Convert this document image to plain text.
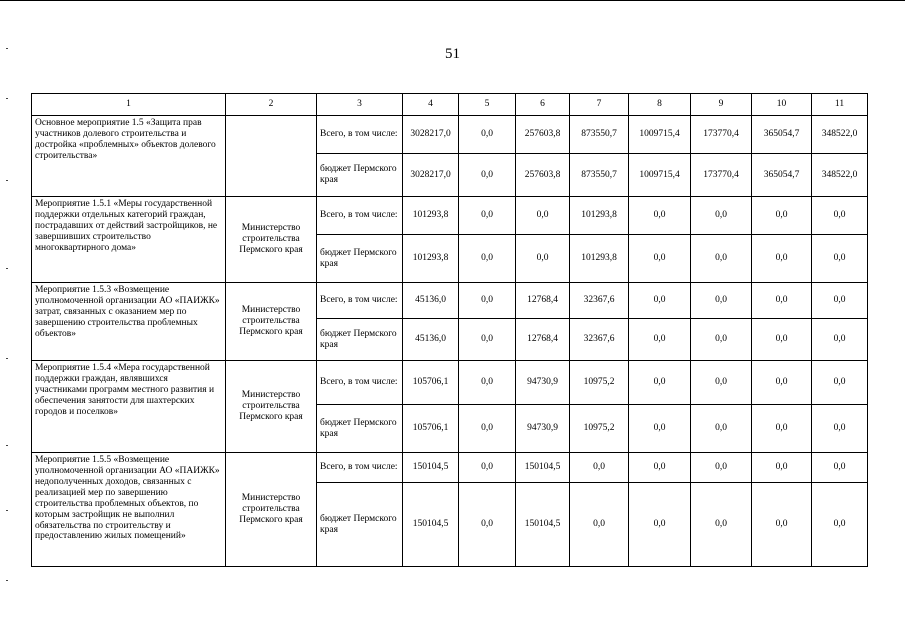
51
1	2	3	4	5	6	7	8	9	10	11
Основное мероприятие 1.5 «Защита прав участников долевого строительства и достройка «проблемных» объектов долевого строительства»		Всего, в том числе:	3028217,0	0,0	257603,8	873550,7	1009715,4	173770,4	365054,7	348522,0
		бюджет Пермского края	3028217,0	0,0	257603,8	873550,7	1009715,4	173770,4	365054,7	348522,0
Мероприятие 1.5.1 «Меры государственной поддержки отдельных категорий граждан, пострадавших от действий застройщиков, не завершивших строительство многоквартирного дома»	Министерство строительства Пермского края	Всего, в том числе:	101293,8	0,0	0,0	101293,8	0,0	0,0	0,0	0,0
		бюджет Пермского края	101293,8	0,0	0,0	101293,8	0,0	0,0	0,0	0,0
Мероприятие 1.5.3 «Возмещение уполномоченной организации АО «ПАИЖК» затрат, связанных с оказанием мер по завершению строительства проблемных объектов»	Министерство строительства Пермского края	Всего, в том числе:	45136,0	0,0	12768,4	32367,6	0,0	0,0	0,0	0,0
		бюджет Пермского края	45136,0	0,0	12768,4	32367,6	0,0	0,0	0,0	0,0
Мероприятие 1.5.4 «Мера государственной поддержки граждан, являвшихся участниками программ местного развития и обеспечения занятости для шахтерских городов и поселков»	Министерство строительства Пермского края	Всего, в том числе:	105706,1	0,0	94730,9	10975,2	0,0	0,0	0,0	0,0
		бюджет Пермского края	105706,1	0,0	94730,9	10975,2	0,0	0,0	0,0	0,0
Мероприятие 1.5.5 «Возмещение уполномоченной организации АО «ПАИЖК» недополученных доходов, связанных с реализацией мер по завершению строительства проблемных объектов, по которым застройщик не выполнил обязательства по строительству и предоставлению жилых помещений»	Министерство строительства Пермского края	Всего, в том числе:	150104,5	0,0	150104,5	0,0	0,0	0,0	0,0	0,0
		бюджет Пермского края	150104,5	0,0	150104,5	0,0	0,0	0,0	0,0	0,0
